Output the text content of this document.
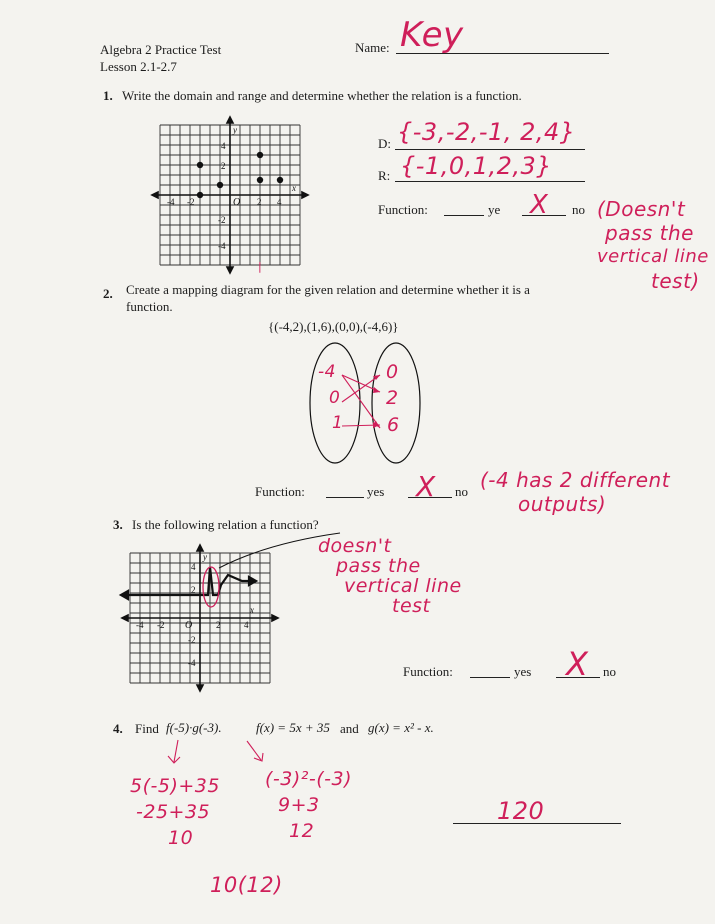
Algebra 2 Practice Test
Lesson 2.1-2.7
Name: Key
1. Write the domain and range and determine whether the relation is a function.
y
x
O
-4 -2	2 4
4
2
-2
-4
|
D: {-3,-2,-1, 2,4}
R: {-1,0,1,2,3}
Function:	ye X no (Doesn't
pass the
vertical line
test)
2. Create a mapping diagram for the given relation and determine whether it is a
function.
{(-4,2),(1,6),(0,0),(-4,6)}
-4
0
1
0
2
6
Function:	yes X no (-4 has 2 different
outputs)
3. Is the following relation a function?
y
x
O
-4 -2	2	4
4
2
-2
-4
doesn't
pass the
vertical line
test
Function:	yes X no
4. Find f(-5)·g(-3).	f(x) = 5x + 35 and g(x) = x² - x.
5(-5)+35
-25+35
10
(-3)²-(-3)
9+3
12
10(12)
120
